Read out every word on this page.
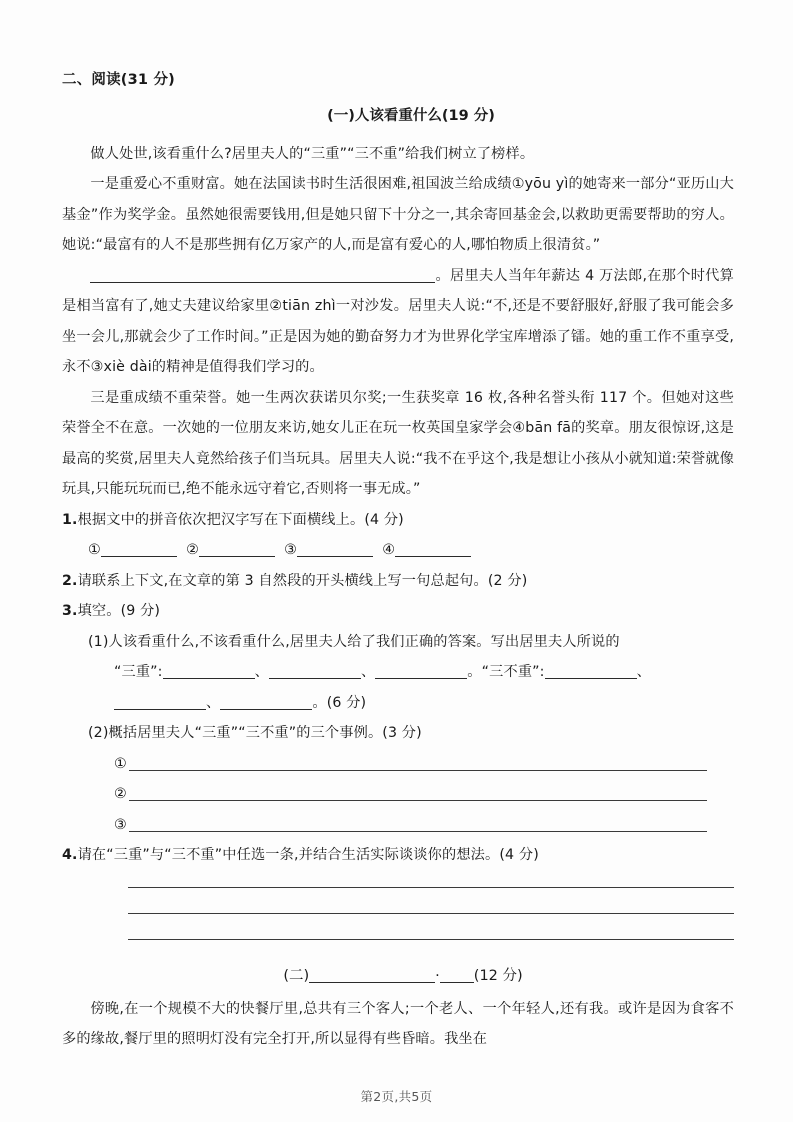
二、阅读(31 分)
(一)人该看重什么(19 分)

做人处世,该看重什么?居里夫人的“三重”“三不重”给我们树立了榜样。

一是重爱心不重财富。她在法国读书时生活很困难,祖国波兰给成绩①yōu yì的她寄来一部分“亚历山大基金”作为奖学金。虽然她很需要钱用,但是她只留下十分之一,其余寄回基金会,以救助更需要帮助的穷人。她说:“最富有的人不是那些拥有亿万家产的人,而是富有爱心的人,哪怕物质上很清贫。”

。居里夫人当年年薪达 4 万法郎,在那个时代算是相当富有了,她丈夫建议给家里②tiān zhì一对沙发。居里夫人说:“不,还是不要舒服好,舒服了我可能会多坐一会儿,那就会少了工作时间。”正是因为她的勤奋努力才为世界化学宝库增添了镭。她的重工作不重享受,永不③xiè dài的精神是值得我们学习的。

三是重成绩不重荣誉。她一生两次获诺贝尔奖;一生获奖章 16 枚,各种名誉头衔 117 个。但她对这些荣誉全不在意。一次她的一位朋友来访,她女儿正在玩一枚英国皇家学会④bān fā的奖章。朋友很惊讶,这是最高的奖赏,居里夫人竟然给孩子们当玩具。居里夫人说:“我不在乎这个,我是想让小孩从小就知道:荣誉就像玩具,只能玩玩而已,绝不能永远守着它,否则将一事无成。”

1.根据文中的拼音依次把汉字写在下面横线上。(4 分)
①	②	③	④
2.请联系上下文,在文章的第 3 自然段的开头横线上写一句总起句。(2 分)
3.填空。(9 分)
(1)人该看重什么,不该看重什么,居里夫人给了我们正确的答案。写出居里夫人所说的
“三重”:	、	、	。“三不重”:	、
、	。(6 分)
(2)概括居里夫人“三重”“三不重”的三个事例。(3 分)
①
②
③
4.请在“三重”与“三不重”中任选一条,并结合生活实际谈谈你的想法。(4 分)
(二)	· (12 分)

傍晚,在一个规模不大的快餐厅里,总共有三个客人;一个老人、一个年轻人,还有我。或许是因为食客不多的缘故,餐厅里的照明灯没有完全打开,所以显得有些昏暗。我坐在

第2页,共5页
